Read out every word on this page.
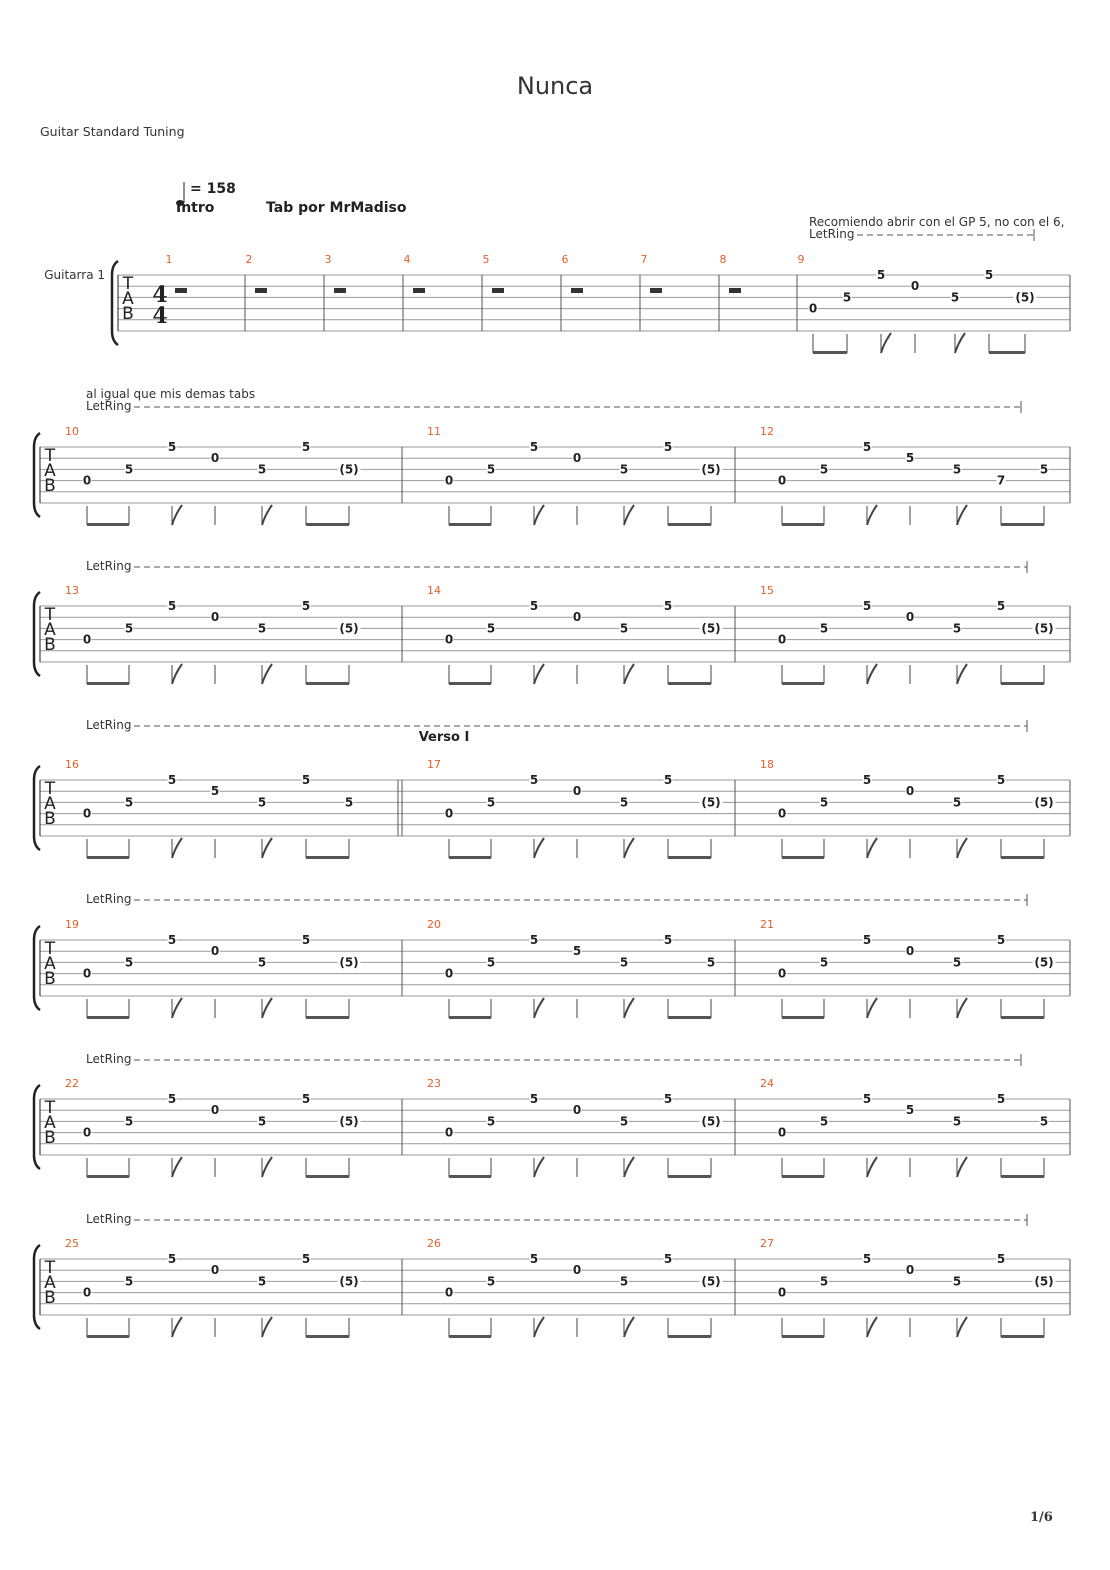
Nunca
Guitar Standard Tuning
T
A
B
4
4
1	2	3	4	5	6	7	8	9
0
5
5
0
5
5
(5)
T
A
B
10
0
5
5
0
5
5
(5)
11
0
5
5
0
5
5
(5)
12
0
5
5
5
5
7
5
T
A
B
13
0
5
5
0
5
5
(5)
14
0
5
5
0
5
5
(5)
15
0
5
5
0
5
5
(5)
T
A
B
16
0
5
5
5
5
5
5
17
0
5
5
0
5
5
(5)
18
0
5
5
0
5
5
(5)
T
A
B
19
0
5
5
0
5
5
(5)
20
0
5
5
5
5
5
5
21
0
5
5
0
5
5
(5)
T
A
B
22
0
5
5
0
5
5
(5)
23
0
5
5
0
5
5
(5)
24
0
5
5
5
5
5
5
T
A
B
25
0
5
5
0
5
5
(5)
26
0
5
5
0
5
5
(5)
27
0
5
5
0
5
5
(5)
= 158
Intro	Tab por MrMadiso
Guitarra 1
Recomiendo abrir con el GP 5, no con el 6,
LetRing
al igual que mis demas tabs
LetRing
LetRing
LetRing
Verso I
LetRing
LetRing
LetRing
1/6
